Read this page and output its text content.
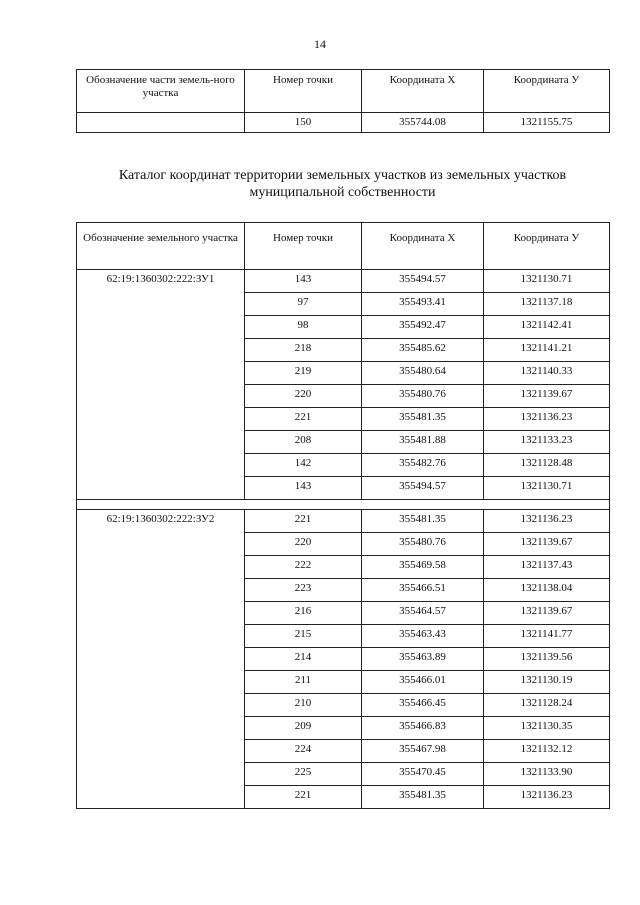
14
Обозначение части земель-ного участка	Номер точки	Координата Х	Координата У
	150	355744.08	1321155.75
Каталог координат территории земельных участков из земельных участков муниципальной собственности
Обозначение земельного участка	Номер точки	Координата Х	Координата У
62:19:1360302:222:ЗУ1	143	355494.57	1321130.71
	97	355493.41	1321137.18
	98	355492.47	1321142.41
	218	355485.62	1321141.21
	219	355480.64	1321140.33
	220	355480.76	1321139.67
	221	355481.35	1321136.23
	208	355481.88	1321133.23
	142	355482.76	1321128.48
	143	355494.57	1321130.71

62:19:1360302:222:ЗУ2	221	355481.35	1321136.23
	220	355480.76	1321139.67
	222	355469.58	1321137.43
	223	355466.51	1321138.04
	216	355464.57	1321139.67
	215	355463.43	1321141.77
	214	355463.89	1321139.56
	211	355466.01	1321130.19
	210	355466.45	1321128.24
	209	355466.83	1321130.35
	224	355467.98	1321132.12
	225	355470.45	1321133.90
	221	355481.35	1321136.23
